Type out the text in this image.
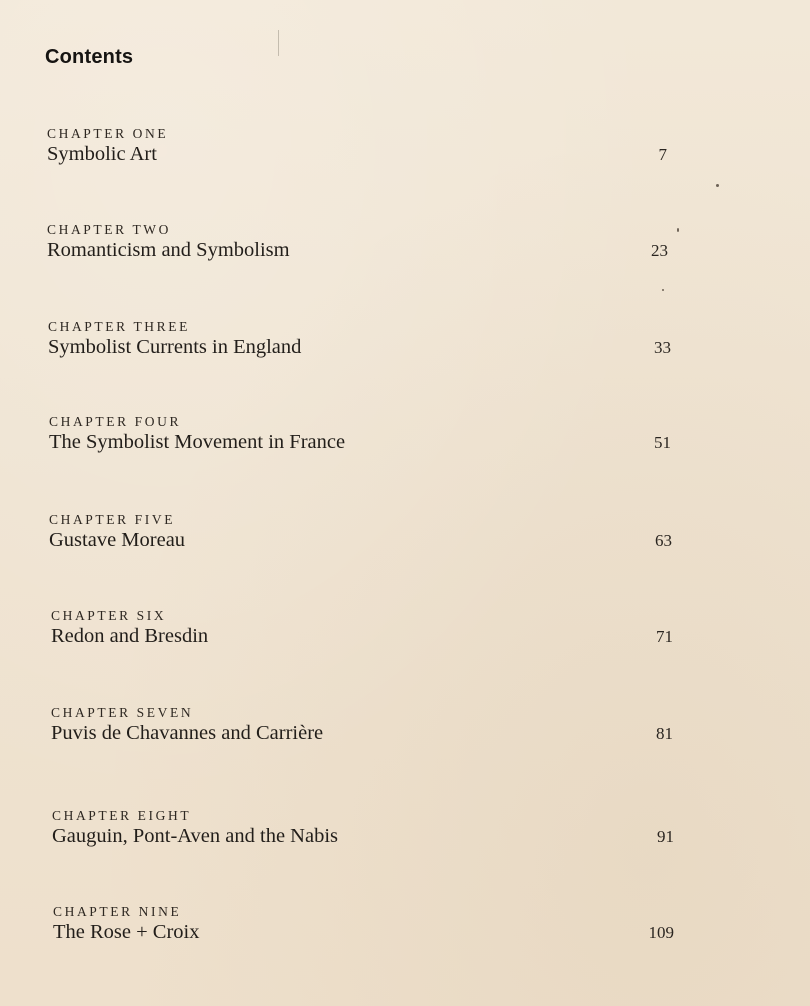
Contents

CHAPTER ONE

Symbolic Art	7

CHAPTER TWO

Romanticism and Symbolism	23

CHAPTER THREE

Symbolist Currents in England	33

CHAPTER FOUR

The Symbolist Movement in France	51

CHAPTER FIVE

Gustave Moreau	63

CHAPTER SIX

Redon and Bresdin	71

CHAPTER SEVEN

Puvis de Chavannes and Carrière	81

CHAPTER EIGHT

Gauguin, Pont-Aven and the Nabis	91

CHAPTER NINE

The Rose + Croix	109
